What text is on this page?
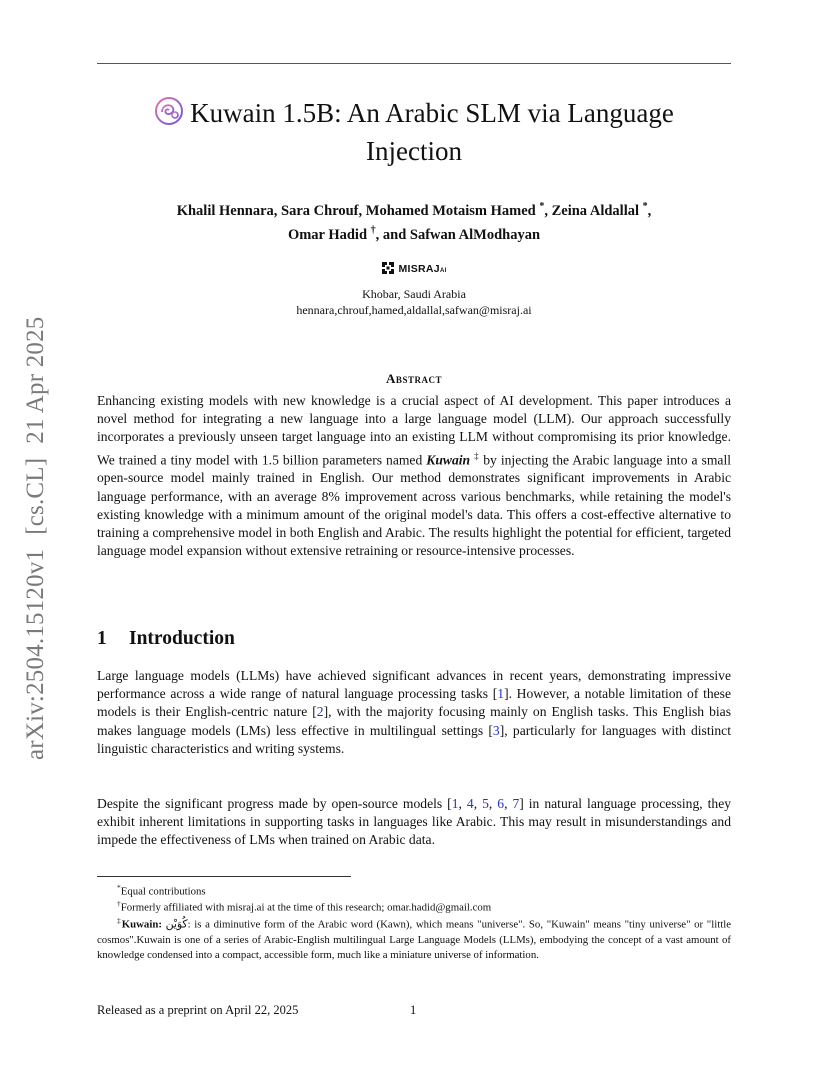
arXiv:2504.15120v1[cs.CL]21 Apr 2025
Kuwain 1.5B: An Arabic SLM via Language
Injection
Khalil Hennara, Sara Chrouf, Mohamed Motaism Hamed *, Zeina Aldallal *,
Omar Hadid †, and Safwan AlModhayan
MISRAJAI
Khobar, Saudi Arabia
hennara,chrouf,hamed,aldallal,safwan@misraj.ai
Abstract
Enhancing existing models with new knowledge is a crucial aspect of AI development. This paper introduces a novel method for integrating a new language into a large language model (LLM). Our approach successfully incorporates a previously unseen target language into an existing LLM without compromising its prior knowledge. We trained a tiny model with 1.5 billion parameters named Kuwain ‡ by injecting the Arabic language into a small open-source model mainly trained in English. Our method demonstrates significant improvements in Arabic language performance, with an average 8% improvement across various benchmarks, while retaining the model's existing knowledge with a minimum amount of the original model's data. This offers a cost-effective alternative to training a comprehensive model in both English and Arabic. The results highlight the potential for efficient, targeted language model expansion without extensive retraining or resource-intensive processes.
1 Introduction
Large language models (LLMs) have achieved significant advances in recent years, demonstrating impressive performance across a wide range of natural language processing tasks [1]. However, a notable limitation of these models is their English-centric nature [2], with the majority focusing mainly on English tasks. This English bias makes language models (LMs) less effective in multilingual settings [3], particularly for languages with distinct linguistic characteristics and writing systems.
Despite the significant progress made by open-source models [1, 4, 5, 6, 7] in natural language processing, they exhibit inherent limitations in supporting tasks in languages like Arabic. This may result in misunderstandings and impede the effectiveness of LMs when trained on Arabic data.
*Equal contributions
†Formerly affiliated with misraj.ai at the time of this research; omar.hadid@gmail.com
‡Kuwain: كُوَيْن: is a diminutive form of the Arabic word (Kawn), which means "universe". So, "Kuwain" means "tiny universe" or "little cosmos".Kuwain is one of a series of Arabic-English multilingual Large Language Models (LLMs), embodying the concept of a vast amount of knowledge condensed into a compact, accessible form, much like a miniature universe of information.
Released as a preprint on April 22, 2025	1
